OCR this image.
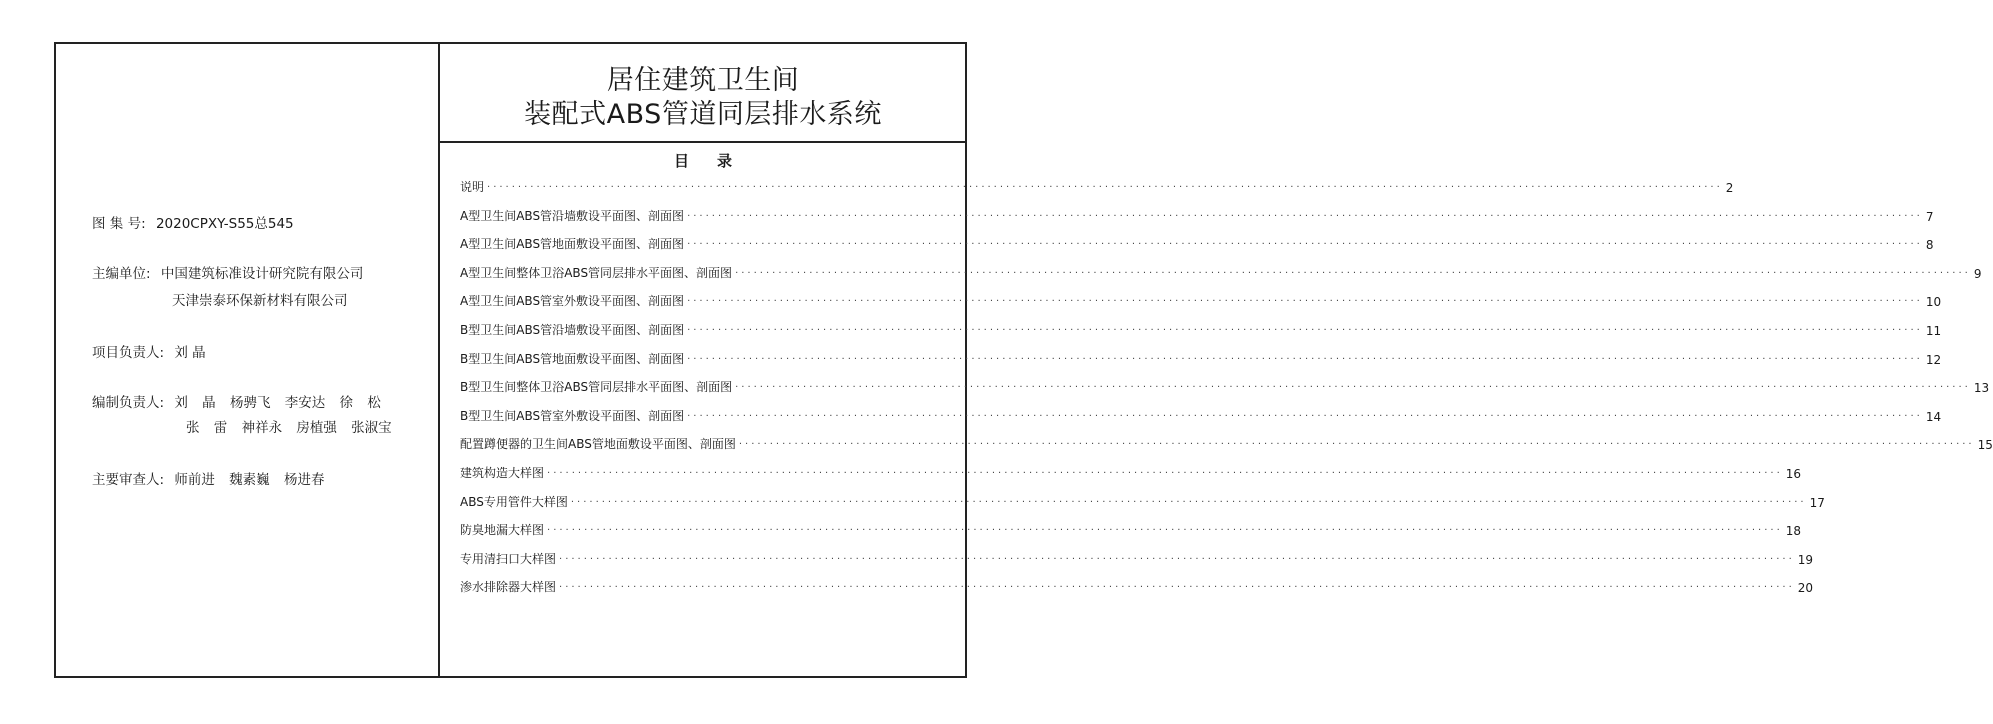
图 集 号: 2020CPXY-S55总545
主编单位: 中国建筑标准设计研究院有限公司
天津崇泰环保新材料有限公司
项目负责人: 刘 晶
编制负责人: 刘 晶 杨骋飞 李安达 徐 松
张 雷 神祥永 房植强 张淑宝
主要审查人: 师前进 魏素巍 杨进春
居住建筑卫生间
装配式ABS管道同层排水系统
目录
说明 ········································································································································································································ 2
A型卫生间ABS管沿墙敷设平面图、剖面图 ········································································································································································································ 7
A型卫生间ABS管地面敷设平面图、剖面图 ········································································································································································································ 8
A型卫生间整体卫浴ABS管同层排水平面图、剖面图 ········································································································································································································ 9
A型卫生间ABS管室外敷设平面图、剖面图 ········································································································································································································ 10
B型卫生间ABS管沿墙敷设平面图、剖面图 ········································································································································································································ 11
B型卫生间ABS管地面敷设平面图、剖面图 ········································································································································································································ 12
B型卫生间整体卫浴ABS管同层排水平面图、剖面图 ········································································································································································································ 13
B型卫生间ABS管室外敷设平面图、剖面图 ········································································································································································································ 14
配置蹲便器的卫生间ABS管地面敷设平面图、剖面图 ········································································································································································································ 15
建筑构造大样图 ········································································································································································································ 16
ABS专用管件大样图 ········································································································································································································ 17
防臭地漏大样图 ········································································································································································································ 18
专用清扫口大样图 ········································································································································································································ 19
渗水排除器大样图 ········································································································································································································ 20
